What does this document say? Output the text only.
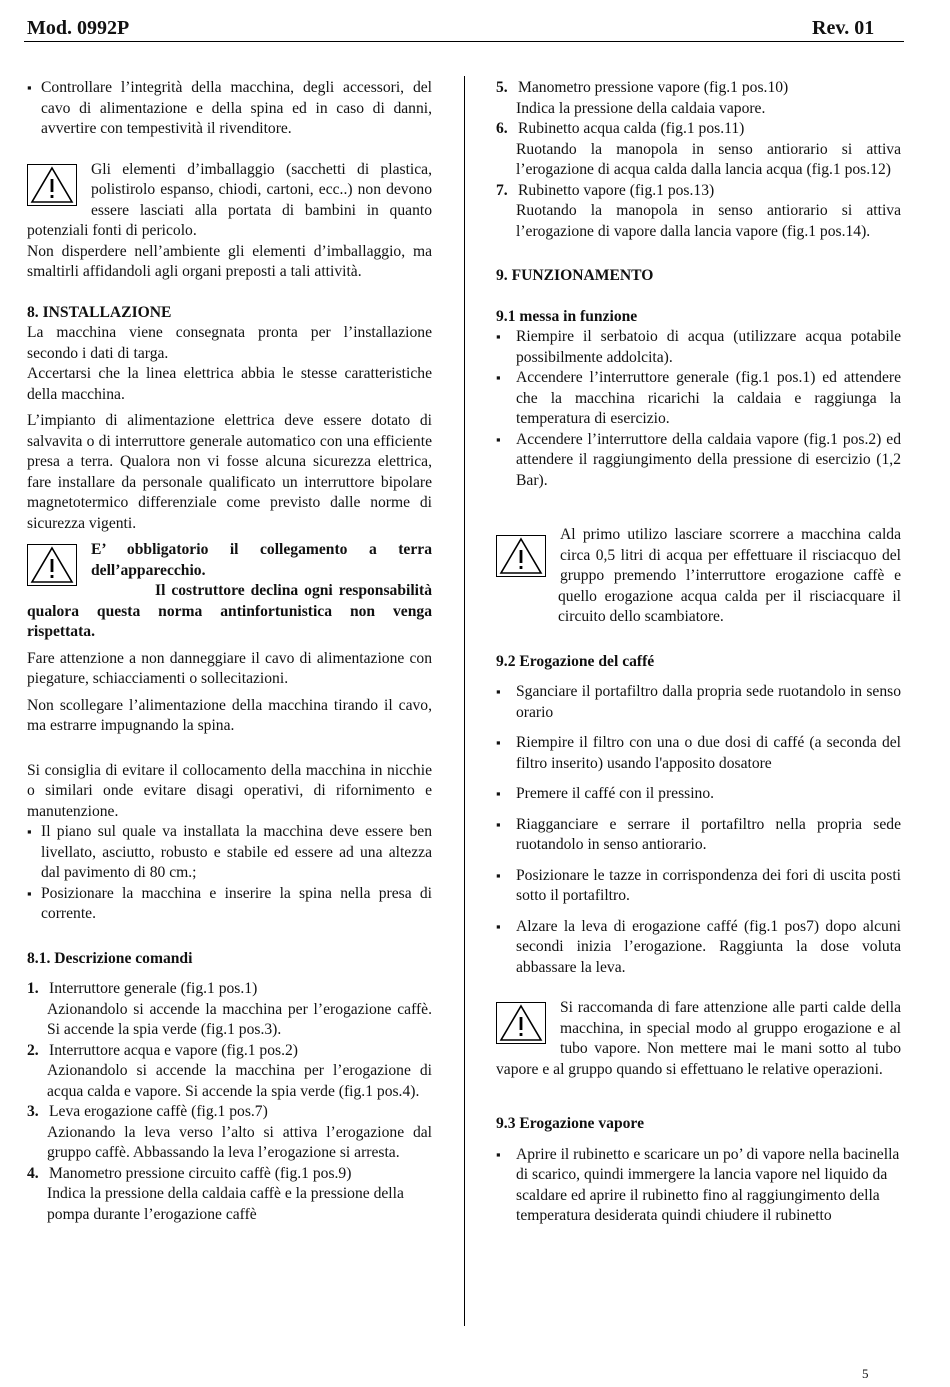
Mod. 0992P	Rev. 01

▪ Controllare l’integrità della macchina, degli accessori, del cavo di alimentazione e della spina ed in caso di danni, avvertire con tempestività il rivenditore.

Gli elementi d’imballaggio (sacchetti di plastica, polistirolo espanso, chiodi, cartoni, ecc..) non devono essere lasciati alla portata di bambini in quanto potenziali fonti di pericolo.

Non disperdere nell’ambiente gli elementi d’imballaggio, ma smaltirli affidandoli agli organi preposti a tali attività.

8. INSTALLAZIONE

La macchina viene consegnata pronta per l’installazione secondo i dati di targa.

Accertarsi che la linea elettrica abbia le stesse caratteristiche della macchina.

L’impianto di alimentazione elettrica deve essere dotato di salvavita o di interruttore generale automatico con una efficiente presa a terra. Qualora non vi fosse alcuna sicurezza elettrica, fare installare da personale qualificato un interruttore bipolare magnetotermico differenziale come previsto dalle norme di sicurezza vigenti.

E’ obbligatorio il collegamento a terra dell’apparecchio.

Il costruttore declina ogni responsabilità qualora questa norma antinfortunistica non venga rispettata.

Fare attenzione a non danneggiare il cavo di alimentazione con piegature, schiacciamenti o sollecitazioni.

Non scollegare l’alimentazione della macchina tirando il cavo, ma estrarre impugnando la spina.

Si consiglia di evitare il collocamento della macchina in nicchie o similari onde evitare disagi operativi, di rifornimento e manutenzione.

▪ Il piano sul quale va installata la macchina deve essere ben livellato, asciutto, robusto e stabile ed essere ad una altezza dal pavimento di 80 cm.;

▪ Posizionare la macchina e inserire la spina nella presa di corrente.

8.1. Descrizione comandi

1. Interruttore generale (fig.1 pos.1)

Azionandolo si accende la macchina per l’erogazione caffè. Si accende la spia verde (fig.1 pos.3).

2. Interruttore acqua e vapore (fig.1 pos.2)

Azionandolo si accende la macchina per l’erogazione di acqua calda e vapore. Si accende la spia verde (fig.1 pos.4).

3. Leva erogazione caffè (fig.1 pos.7)

Azionando la leva verso l’alto si attiva l’erogazione dal gruppo caffè. Abbassando la leva l’erogazione si arresta.

4. Manometro pressione circuito caffè (fig.1 pos.9)

Indica la pressione della caldaia caffè e la pressione della pompa durante l’erogazione caffè

5. Manometro pressione vapore (fig.1 pos.10)

Indica la pressione della caldaia vapore.

6. Rubinetto acqua calda (fig.1 pos.11)

Ruotando la manopola in senso antiorario si attiva l’erogazione di acqua calda dalla lancia acqua (fig.1 pos.12)

7. Rubinetto vapore (fig.1 pos.13)

Ruotando la manopola in senso antiorario si attiva l’erogazione di vapore dalla lancia vapore (fig.1 pos.14).

9. FUNZIONAMENTO

9.1 messa in funzione

▪ Riempire il serbatoio di acqua (utilizzare acqua potabile possibilmente addolcita).

▪ Accendere l’interruttore generale (fig.1 pos.1) ed attendere che la macchina ricarichi la caldaia e raggiunga la temperatura di esercizio.

▪ Accendere l’interruttore della caldaia vapore (fig.1 pos.2) ed attendere il raggiungimento della pressione di esercizio (1,2 Bar).

Al primo utilizo lasciare scorrere a macchina calda circa 0,5 litri di acqua per effettuare il risciacquo del gruppo premendo l’interruttore erogazione caffè e quello erogazione acqua calda per il risciacquare il circuito dello scambiatore.

9.2 Erogazione del caffé

▪ Sganciare il portafiltro dalla propria sede ruotandolo in senso orario

▪ Riempire il filtro con una o due dosi di caffé (a seconda del filtro inserito) usando l'apposito dosatore

▪ Premere il caffé con il pressino.

▪ Riagganciare e serrare il portafiltro nella propria sede ruotandolo in senso antiorario.

▪ Posizionare le tazze in corrispondenza dei fori di uscita posti sotto il portafiltro.

▪ Alzare la leva di erogazione caffé (fig.1 pos7) dopo alcuni secondi inizia l’erogazione. Raggiunta la dose voluta abbassare la leva.

Si raccomanda di fare attenzione alle parti calde della macchina, in special modo al gruppo erogazione e al tubo vapore. Non mettere mai le mani sotto al tubo vapore e al gruppo quando si effettuano le relative operazioni.

9.3 Erogazione vapore

▪ Aprire il rubinetto e scaricare un po’ di vapore nella bacinella di scarico, quindi immergere la lancia vapore nel liquido da scaldare ed aprire il rubinetto fino al raggiungimento della temperatura desiderata quindi chiudere il rubinetto

5
